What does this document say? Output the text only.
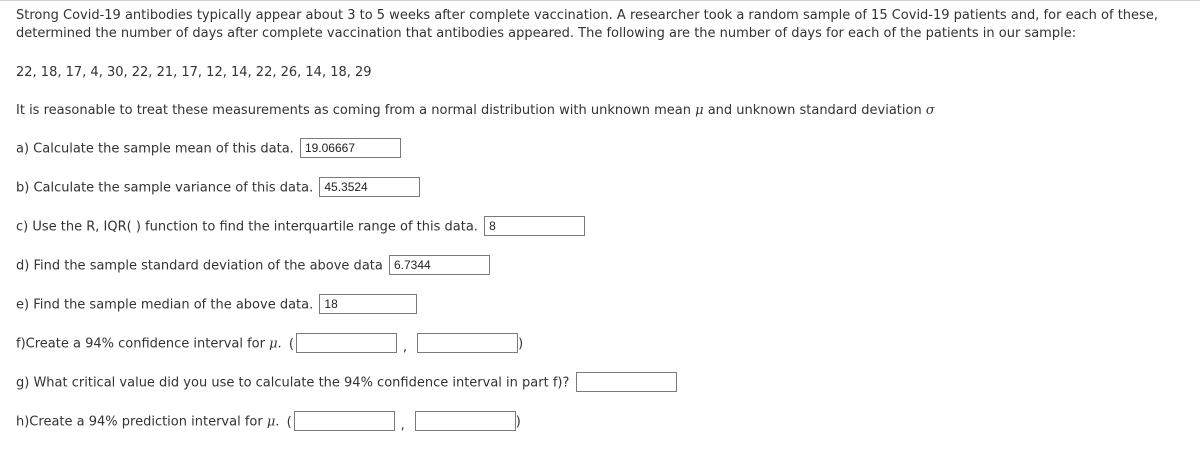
Strong Covid-19 antibodies typically appear about 3 to 5 weeks after complete vaccination. A researcher took a random sample of 15 Covid-19 patients and, for each of these,
determined the number of days after complete vaccination that antibodies appeared. The following are the number of days for each of the patients in our sample:
22, 18, 17, 4, 30, 22, 21, 17, 12, 14, 22, 26, 14, 18, 29
It is reasonable to treat these measurements as coming from a normal distribution with unknown mean μ and unknown standard deviation σ
a) Calculate the sample mean of this data. 19.06667
b) Calculate the sample variance of this data. 45.3524
c) Use the R, IQR( ) function to find the interquartile range of this data. 8
d) Find the sample standard deviation of the above data 6.7344
e) Find the sample median of the above data. 18
f)Create a 94% confidence interval for μ. (	,	)
g) What critical value did you use to calculate the 94% confidence interval in part f)?
h)Create a 94% prediction interval for μ. (	,	)
